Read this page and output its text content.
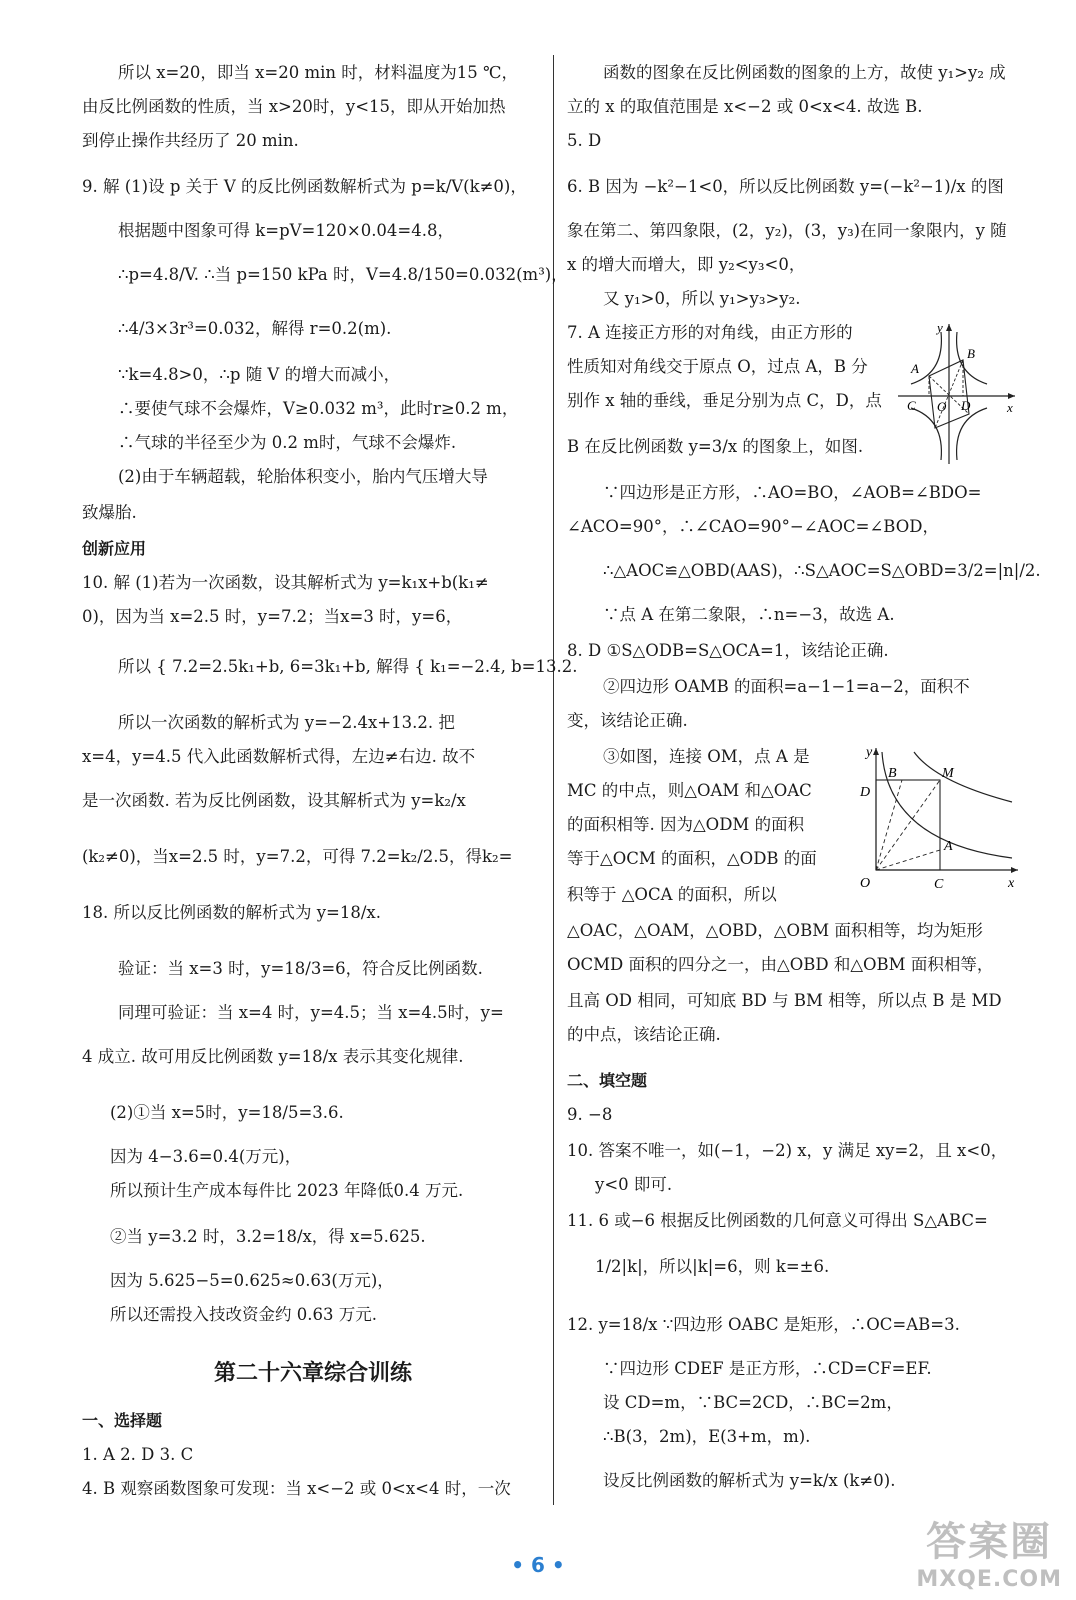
所以 x=20，即当 x=20 min 时，材料温度为15 ℃，
由反比例函数的性质，当 x>20时，y<15，即从开始加热
到停止操作共经历了 20 min.
9. 解 (1)设 p 关于 V 的反比例函数解析式为 p=k/V(k≠0)，
根据题中图象可得 k=pV=120×0.04=4.8，
∴p=4.8/V. ∴当 p=150 kPa 时，V=4.8/150=0.032(m³)，
∴4/3×3r³=0.032，解得 r=0.2(m).
∵k=4.8>0，∴p 随 V 的增大而减小，
∴要使气球不会爆炸，V≥0.032 m³，此时r≥0.2 m，
∴气球的半径至少为 0.2 m时，气球不会爆炸.
(2)由于车辆超载，轮胎体积变小，胎内气压增大导
致爆胎.
创新应用
10. 解 (1)若为一次函数，设其解析式为 y=k₁x+b(k₁≠
0)，因为当 x=2.5 时，y=7.2；当x=3 时，y=6，
所以 { 7.2=2.5k₁+b, 6=3k₁+b, 解得 { k₁=−2.4, b=13.2.
所以一次函数的解析式为 y=−2.4x+13.2. 把
x=4，y=4.5 代入此函数解析式得，左边≠右边. 故不
是一次函数. 若为反比例函数，设其解析式为 y=k₂/x
(k₂≠0)，当x=2.5 时，y=7.2，可得 7.2=k₂/2.5，得k₂=
18. 所以反比例函数的解析式为 y=18/x.
验证：当 x=3 时，y=18/3=6，符合反比例函数.
同理可验证：当 x=4 时，y=4.5；当 x=4.5时，y=
4 成立. 故可用反比例函数 y=18/x 表示其变化规律.
(2)①当 x=5时，y=18/5=3.6.
因为 4−3.6=0.4(万元)，
所以预计生产成本每件比 2023 年降低0.4 万元.
②当 y=3.2 时，3.2=18/x，得 x=5.625.
因为 5.625−5=0.625≈0.63(万元)，
所以还需投入技改资金约 0.63 万元.
第二十六章综合训练
一、选择题
1. A 2. D 3. C
4. B 观察函数图象可发现：当 x<−2 或 0<x<4 时，一次
函数的图象在反比例函数的图象的上方，故使 y₁>y₂ 成
立的 x 的取值范围是 x<−2 或 0<x<4. 故选 B.
5. D
6. B 因为 −k²−1<0，所以反比例函数 y=(−k²−1)/x 的图
象在第二、第四象限，(2，y₂)，(3，y₃)在同一象限内，y 随
x 的增大而增大，即 y₂<y₃<0，
又 y₁>0，所以 y₁>y₃>y₂.
7. A 连接正方形的对角线，由正方形的
性质知对角线交于原点 O，过点 A，B 分
别作 x 轴的垂线，垂足分别为点 C，D，点
B 在反比例函数 y=3/x 的图象上，如图.
∵四边形是正方形，∴AO=BO，∠AOB=∠BDO=
∠ACO=90°，∴∠CAO=90°−∠AOC=∠BOD，
∴△AOC≌△OBD(AAS)，∴S△AOC=S△OBD=3/2=|n|/2.
∵点 A 在第二象限，∴n=−3，故选 A.
8. D ①S△ODB=S△OCA=1，该结论正确.
②四边形 OAMB 的面积=a−1−1=a−2，面积不
变，该结论正确.
③如图，连接 OM，点 A 是
MC 的中点，则△OAM 和△OAC
的面积相等. 因为△ODM 的面积
等于△OCM 的面积，△ODB 的面
积等于 △OCA 的面积，所以
△OAC，△OAM，△OBD，△OBM 面积相等，均为矩形
OCMD 面积的四分之一，由△OBD 和△OBM 面积相等，
且高 OD 相同，可知底 BD 与 BM 相等，所以点 B 是 MD
的中点，该结论正确.
二、填空题
9. −8
10. 答案不唯一，如(−1，−2) x，y 满足 xy=2，且 x<0，
y<0 即可.
11. 6 或−6 根据反比例函数的几何意义可得出 S△ABC=
1/2|k|，所以|k|=6，则 k=±6.
12. y=18/x ∵四边形 OABC 是矩形，∴OC=AB=3.
∵四边形 CDEF 是正方形，∴CD=CF=EF.
设 CD=m，∵BC=2CD，∴BC=2m，
∴B(3，2m)，E(3+m，m).
设反比例函数的解析式为 y=k/x (k≠0).
y
A
B
C O D	x
y
B	M
D
A
O	C	x
• 6 •	答案圈
MXQE.COM
